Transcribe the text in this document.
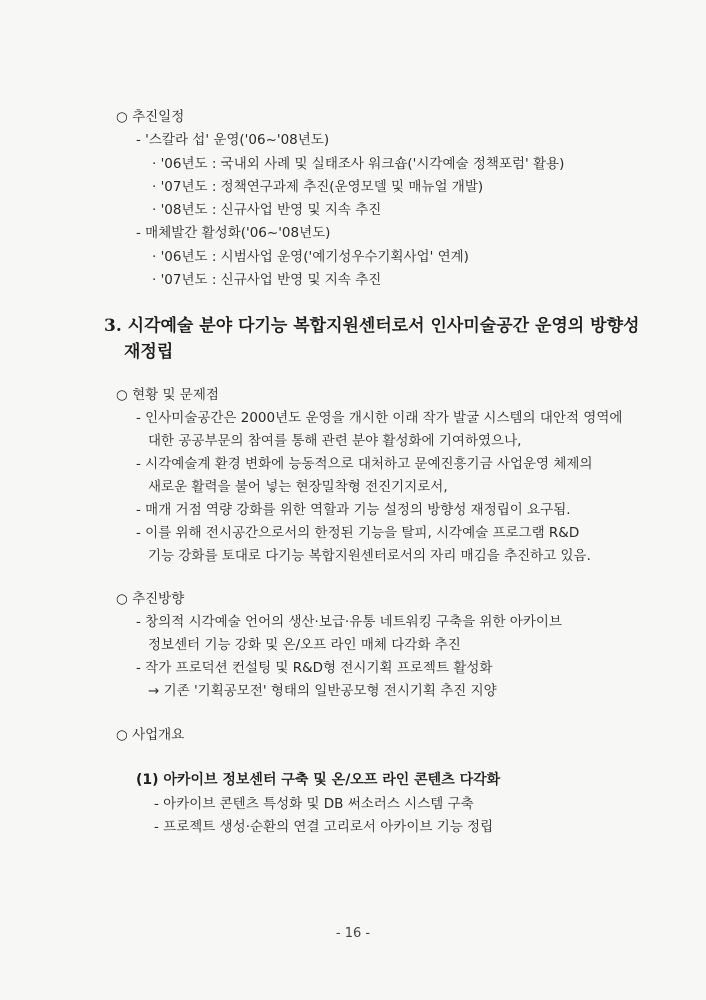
○ 추진일정
- '스칼라 섭' 운영('06~'08년도)
· '06년도 : 국내외 사례 및 실태조사 워크숍('시각예술 정책포럼' 활용)
· '07년도 : 정책연구과제 추진(운영모델 및 매뉴얼 개발)
· '08년도 : 신규사업 반영 및 지속 추진
- 매체발간 활성화('06~'08년도)
· '06년도 : 시범사업 운영('예기성우수기획사업' 연계)
· '07년도 : 신규사업 반영 및 지속 추진
3. 시각예술 분야 다기능 복합지원센터로서 인사미술공간 운영의 방향성
재정립
○ 현황 및 문제점
- 인사미술공간은 2000년도 운영을 개시한 이래 작가 발굴 시스템의 대안적 영역에
대한 공공부문의 참여를 통해 관련 분야 활성화에 기여하였으나,
- 시각예술계 환경 변화에 능동적으로 대처하고 문예진흥기금 사업운영 체제의
새로운 활력을 불어 넣는 현장밀착형 전진기지로서,
- 매개 거점 역량 강화를 위한 역할과 기능 설정의 방향성 재정립이 요구됨.
- 이를 위해 전시공간으로서의 한정된 기능을 탈피, 시각예술 프로그램 R&D
기능 강화를 토대로 다기능 복합지원센터로서의 자리 매김을 추진하고 있음.
○ 추진방향
- 창의적 시각예술 언어의 생산·보급·유통 네트워킹 구축을 위한 아카이브
정보센터 기능 강화 및 온/오프 라인 매체 다각화 추진
- 작가 프로덕션 컨설팅 및 R&D형 전시기획 프로젝트 활성화
→ 기존 '기획공모전' 형태의 일반공모형 전시기획 추진 지양
○ 사업개요
(1) 아카이브 정보센터 구축 및 온/오프 라인 콘텐츠 다각화
- 아카이브 콘텐츠 특성화 및 DB 써소러스 시스템 구축
- 프로젝트 생성·순환의 연결 고리로서 아카이브 기능 정립
- 16 -
